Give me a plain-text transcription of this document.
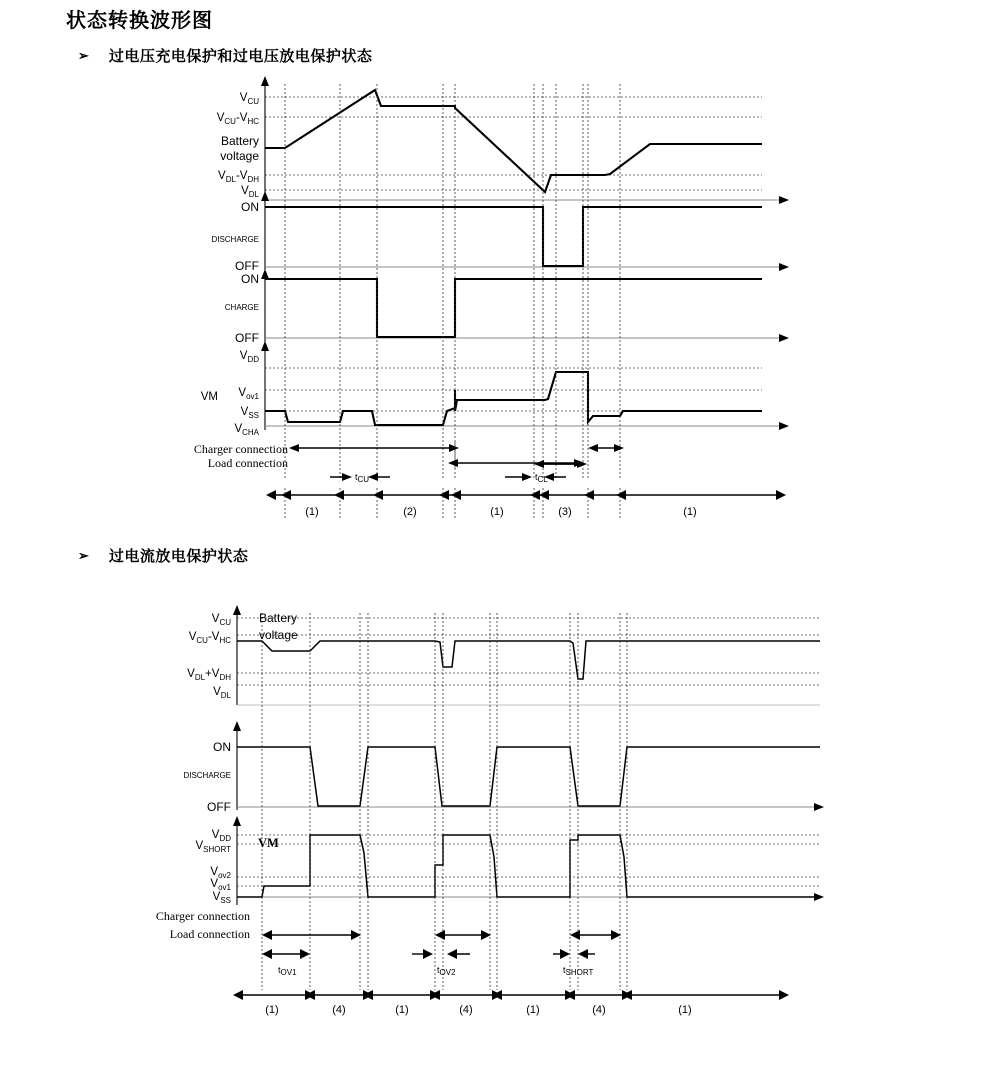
状态转换波形图
➢ 过电压充电保护和过电压放电保护状态
➢ 过电流放电保护状态
$V_{CU}$
VCU-VHC
Battery
voltage
$V_{DL}-V_{DH}$
$V_{DL}$
ON
DISCHARGE
OFF
ON
CHARGE
OFF
$V_{DD}$
$V_{ov1}$
VM
$V_{SS}$
$V_{CHA}$
Charger connection
Load connection
tCU	tCL
(1)	(2)	(1)	(3)	(1)
$V_{CU}$
VCU-VHC
Battery
voltage
$V_{DL}+V_{DH}$
$V_{DL}$
ON
DISCHARGE
OFF
$V_{DD}$
$V_{SHORT}$ VM
$V_{ov2}$
$V_{ov1}$
$V_{SS}$
Charger connection
Load connection
tOV1	tOV2	tSHORT
(1)	(4)	(1)	(4)	(1)	(4)	(1)
